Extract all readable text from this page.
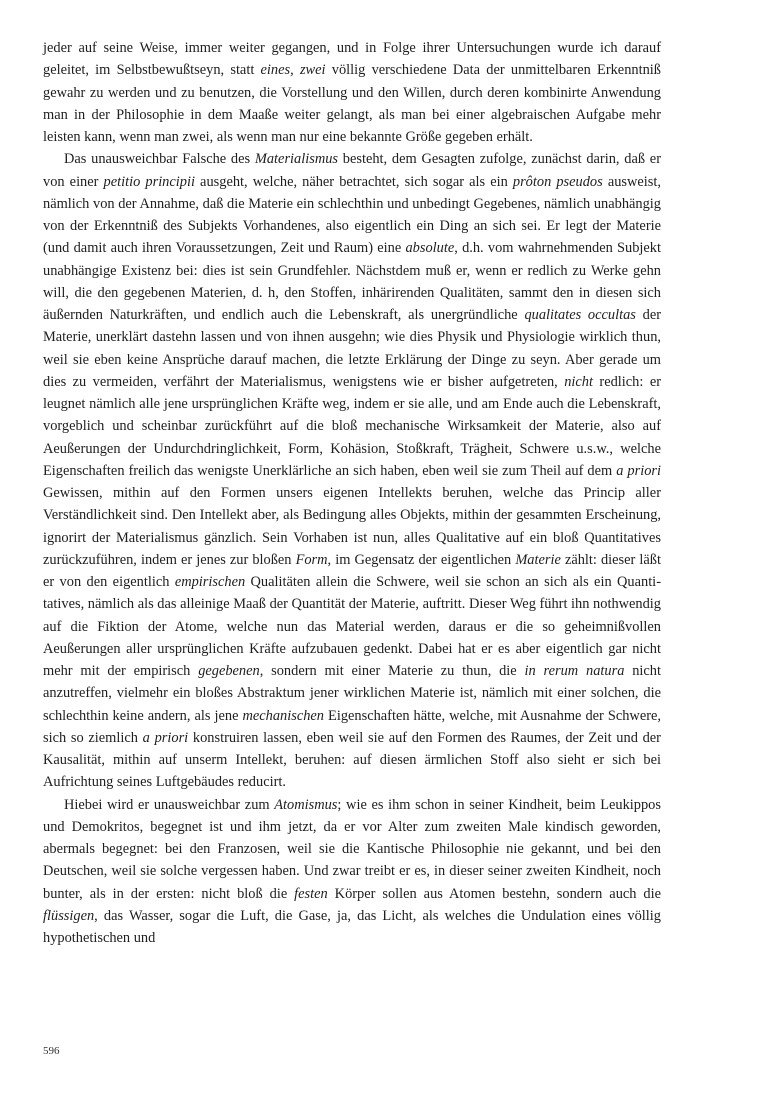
jeder auf seine Weise, immer weiter gegangen, und in Folge ihrer Untersuchungen wurde ich darauf geleitet, im Selbstbewußtseyn, statt eines, zwei völlig verschiedene Data der unmittelbaren Erkenntniß gewahr zu werden und zu benutzen, die Vorstellung und den Willen, durch deren kombinirte Anwendung man in der Philosophie in dem Maaße weiter gelangt, als man bei einer algebraischen Aufgabe mehr leisten kann, wenn man zwei, als wenn man nur eine bekannte Größe gegeben erhält.

Das unausweichbar Falsche des Materialismus besteht, dem Gesagten zufolge, zunächst darin, daß er von einer petitio principii ausgeht, welche, näher betrachtet, sich sogar als ein prôton pseudos ausweist, nämlich von der Annahme, daß die Materie ein schlechthin und unbedingt Gegebenes, nämlich unabhängig von der Erkenntniß des Subjekts Vorhandenes, also eigentlich ein Ding an sich sei. Er legt der Materie (und damit auch ihren Voraussetzungen, Zeit und Raum) eine absolute, d.h. vom wahrnehmenden Subjekt unabhängige Existenz bei: dies ist sein Grundfehler. Nächstdem muß er, wenn er redlich zu Werke gehn will, die den gegebenen Materien, d. h, den Stoffen, inhärirenden Qualitäten, sammt den in diesen sich äußernden Naturkräften, und endlich auch die Lebenskraft, als unergründliche qualitates occultas der Materie, unerklärt dastehn lassen und von ihnen ausgehn; wie dies Physik und Physiologie wirklich thun, weil sie eben keine Ansprüche darauf machen, die letzte Erklärung der Dinge zu seyn. Aber gerade um dies zu vermeiden, verfährt der Materialismus, wenigstens wie er bisher aufgetreten, nicht redlich: er leugnet nämlich alle jene ursprünglichen Kräfte weg, indem er sie alle, und am Ende auch die Lebenskraft, vorgeblich und scheinbar zurückführt auf die bloß mechanische Wirksamkeit der Materie, also auf Aeußerungen der Undurchdringlichkeit, Form, Kohäsion, Stoßkraft, Trägheit, Schwere u.s.w., welche Eigenschaften freilich das wenigste Unerklärliche an sich haben, eben weil sie zum Theil auf dem a priori Gewissen, mithin auf den Formen unsers eigenen Intellekts beruhen, welche das Princip aller Verständlichkeit sind. Den Intellekt aber, als Bedingung alles Objekts, mithin der gesammten Erscheinung, ignorirt der Materialismus gänzlich. Sein Vorhaben ist nun, alles Qualitative auf ein bloß Quantitatives zurückzuführen, indem er jenes zur bloßen Form, im Gegensatz der eigentlichen Materie zählt: dieser läßt er von den eigentlich empirischen Qualitäten allein die Schwere, weil sie schon an sich als ein Quantitatives, nämlich als das alleinige Maaß der Quantität der Materie, auftritt. Dieser Weg führt ihn nothwendig auf die Fiktion der Atome, welche nun das Material werden, daraus er die so geheimnißvollen Aeußerungen aller ursprünglichen Kräfte aufzubauen gedenkt. Dabei hat er es aber eigentlich gar nicht mehr mit der empirisch gegebenen, sondern mit einer Materie zu thun, die in rerum natura nicht anzutreffen, vielmehr ein bloßes Abstraktum jener wirklichen Materie ist, nämlich mit einer solchen, die schlechthin keine andern, als jene mechanischen Eigenschaften hätte, welche, mit Ausnahme der Schwere, sich so ziemlich a priori konstruiren lassen, eben weil sie auf den Formen des Raumes, der Zeit und der Kausalität, mithin auf unserm Intellekt, beruhen: auf diesen ärmlichen Stoff also sieht er sich bei Aufrichtung seines Luftgebäudes reducirt.

Hiebei wird er unausweichbar zum Atomismus; wie es ihm schon in seiner Kindheit, beim Leukippos und Demokritos, begegnet ist und ihm jetzt, da er vor Alter zum zweiten Male kindisch geworden, abermals begegnet: bei den Franzosen, weil sie die Kantische Philosophie nie gekannt, und bei den Deutschen, weil sie solche vergessen haben. Und zwar treibt er es, in dieser seiner zweiten Kindheit, noch bunter, als in der ersten: nicht bloß die festen Körper sollen aus Atomen bestehn, sondern auch die flüssigen, das Wasser, sogar die Luft, die Gase, ja, das Licht, als welches die Undulation eines völlig hypothetischen und

596
